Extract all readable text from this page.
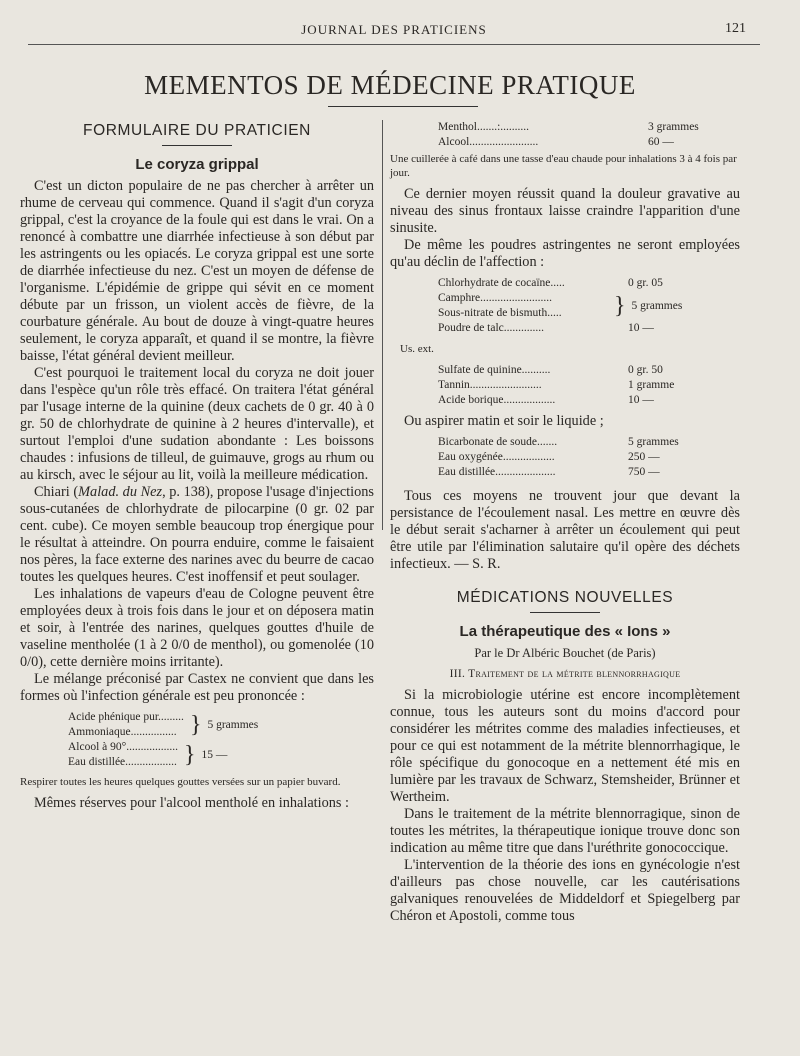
JOURNAL DES PRATICIENS	121
MEMENTOS DE MÉDECINE PRATIQUE
FORMULAIRE DU PRATICIEN
Le coryza grippal

C'est un dicton populaire de ne pas chercher à arrêter un rhume de cerveau qui commence. Quand il s'agit d'un coryza grippal, c'est la croyance de la foule qui est dans le vrai. On a renoncé à combattre une diarrhée infectieuse à son début par les astringents ou les opiacés. Le coryza grippal est une sorte de diarrhée infectieuse du nez. C'est un moyen de défense de l'organisme. L'épidémie de grippe qui sévit en ce moment débute par un frisson, un violent accès de fièvre, de la courbature générale. Au bout de douze à vingt-quatre heures seulement, le coryza apparaît, et quand il se montre, la fièvre baisse, l'état général devient meilleur.

C'est pourquoi le traitement local du coryza ne doit jouer dans l'espèce qu'un rôle très effacé. On traitera l'état général par l'usage interne de la quinine (deux cachets de 0 gr. 40 à 0 gr. 50 de chlorhydrate de quinine à 2 heures d'intervalle), et surtout l'emploi d'une sudation abondante : Les boissons chaudes : infusions de tilleul, de guimauve, grogs au rhum ou au kirsch, avec le séjour au lit, voilà la meilleure médication.

Chiari (Malad. du Nez, p. 138), propose l'usage d'injections sous-cutanées de chlorhydrate de pilocarpine (0 gr. 02 par cent. cube). Ce moyen semble beaucoup trop énergique pour le résultat à atteindre. On pourra enduire, comme le faisaient nos pères, la face externe des narines avec du beurre de cacao toutes les quelques heures. C'est inoffensif et peut soulager.

Les inhalations de vapeurs d'eau de Cologne peuvent être employées deux à trois fois dans le jour et on déposera matin et soir, à l'entrée des narines, quelques gouttes d'huile de vaseline mentholée (1 à 2 0/0 de menthol), ou gomenolée (10 0/0), cette dernière moins irritante).

Le mélange préconisé par Castex ne convient que dans les formes où l'infection générale est peu prononcée :

Acide phénique pur.........
Ammoniaque................ } 5 grammes
Alcool à 90°..................
Eau distillée.................. } 15 —
Respirer toutes les heures quelques gouttes versées sur un papier buvard.

Mêmes réserves pour l'alcool mentholé en inhalations :

Menthol.......:..........	3 grammes
Alcool........................	60 —
Une cuillerée à café dans une tasse d'eau chaude pour inhalations 3 à 4 fois par jour.

Ce dernier moyen réussit quand la douleur gravative au niveau des sinus frontaux laisse craindre l'apparition d'une sinusite.

De même les poudres astringentes ne seront employées qu'au déclin de l'affection :

Chlorhydrate de cocaïne.....	0 gr. 05
Camphre.........................
Sous-nitrate de bismuth.....	} 5 grammes
Poudre de talc..............	10 —
Us. ext.
Sulfate de quinine..........	0 gr. 50
Tannin.........................	1 gramme
Acide borique..................	10 —

Ou aspirer matin et soir le liquide ;

Bicarbonate de soude.......	5 grammes
Eau oxygénée..................	250 —
Eau distillée.....................	750 —

Tous ces moyens ne trouvent jour que devant la persistance de l'écoulement nasal. Les mettre en œuvre dès le début serait s'acharner à arrêter un écoulement qui peut être utile par l'élimination salutaire qu'il opère des déchets infectieux. — S. R.

MÉDICATIONS NOUVELLES
La thérapeutique des « Ions »
Par le Dr Albéric Bouchet (de Paris)
III. Traitement de la métrite blennorrhagique

Si la microbiologie utérine est encore incomplètement connue, tous les auteurs sont du moins d'accord pour considérer les métrites comme des maladies infectieuses, et pour ce qui est notamment de la métrite blennorrhagique, le rôle spécifique du gonocoque en a nettement été mis en lumière par les travaux de Schwarz, Stemsheider, Brünner et Wertheim.

Dans le traitement de la métrite blennorragique, sinon de toutes les métrites, la thérapeutique ionique trouve donc son indication au même titre que dans l'uréthrite gonococcique.

L'intervention de la théorie des ions en gynécologie n'est d'ailleurs pas chose nouvelle, car les cautérisations galvaniques renouvelées de Middeldorf et Spiegelberg par Chéron et Apostoli, comme tous
